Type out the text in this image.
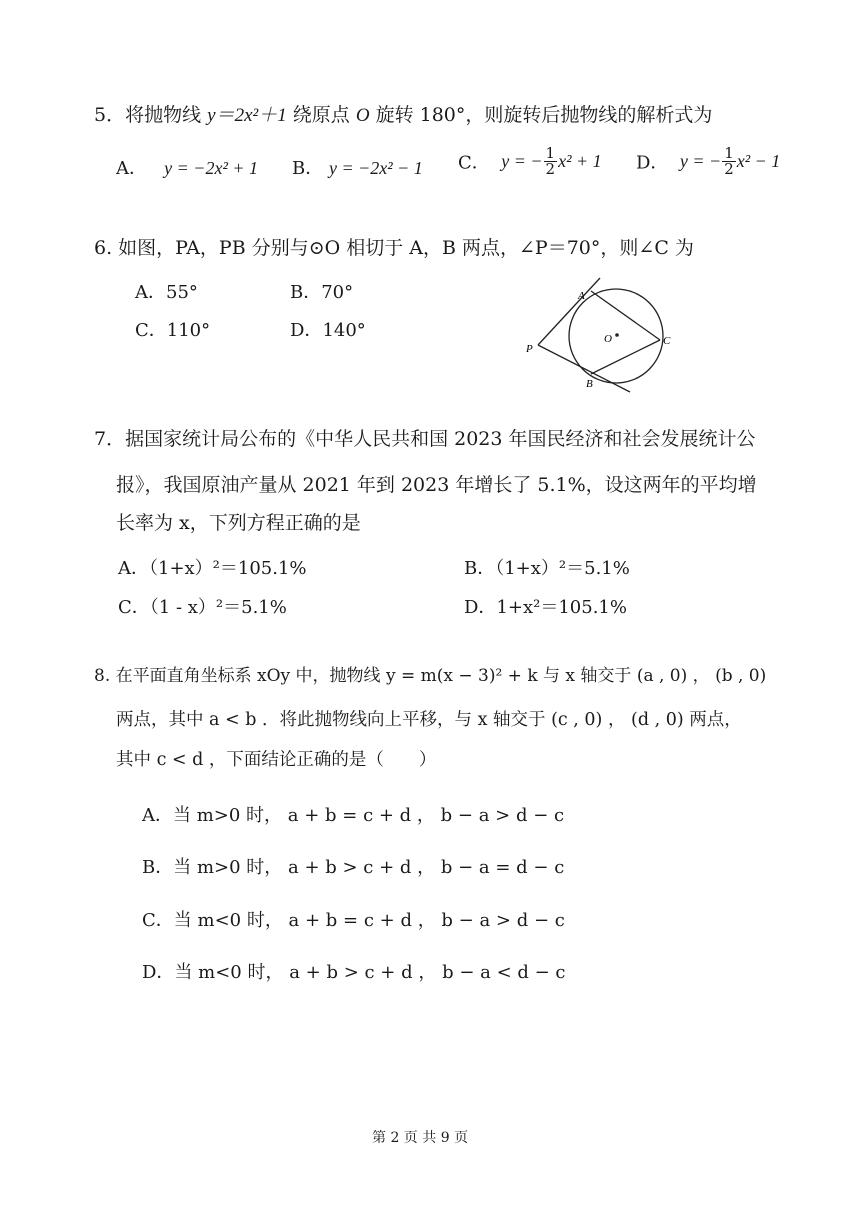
5．将抛物线 y＝2x²＋1 绕原点 O 旋转 180°，则旋转后抛物线的解析式为
A． y = −2x² + 1 B． y = −2x² − 1 C． y = − $\frac{1}{2} x^2 + 1$ D． y = − $\frac{1}{2} x^2 - 1$
6. 如图，PA，PB 分别与⊙O 相切于 A，B 两点，∠P＝70°，则∠C 为
A．55°	B．70°
C．110°	D．140°
A
B
C
P
O
7．据国家统计局公布的《中华人民共和国 2023 年国民经济和社会发展统计公
报》，我国原油产量从 2021 年到 2023 年增长了 5.1%，设这两年的平均增
长率为 x，下列方程正确的是
A．（1+x）²＝105.1%	B．（1+x）²＝5.1%
C．（1 - x）²＝5.1%	D．1+x²＝105.1%
8. 在平面直角坐标系 xOy 中，抛物线 y = m(x − 3)² + k 与 x 轴交于 (a , 0) ， (b , 0)
两点，其中 a < b ．将此抛物线向上平移，与 x 轴交于 (c , 0) ， (d , 0) 两点，
其中 c < d ，下面结论正确的是（　　）
A．当 m>0 时， a + b = c + d ， b − a > d − c
B．当 m>0 时， a + b > c + d ， b − a = d − c
C．当 m<0 时， a + b = c + d ， b − a > d − c
D．当 m<0 时， a + b > c + d ， b − a < d − c
第 2 页 共 9 页
